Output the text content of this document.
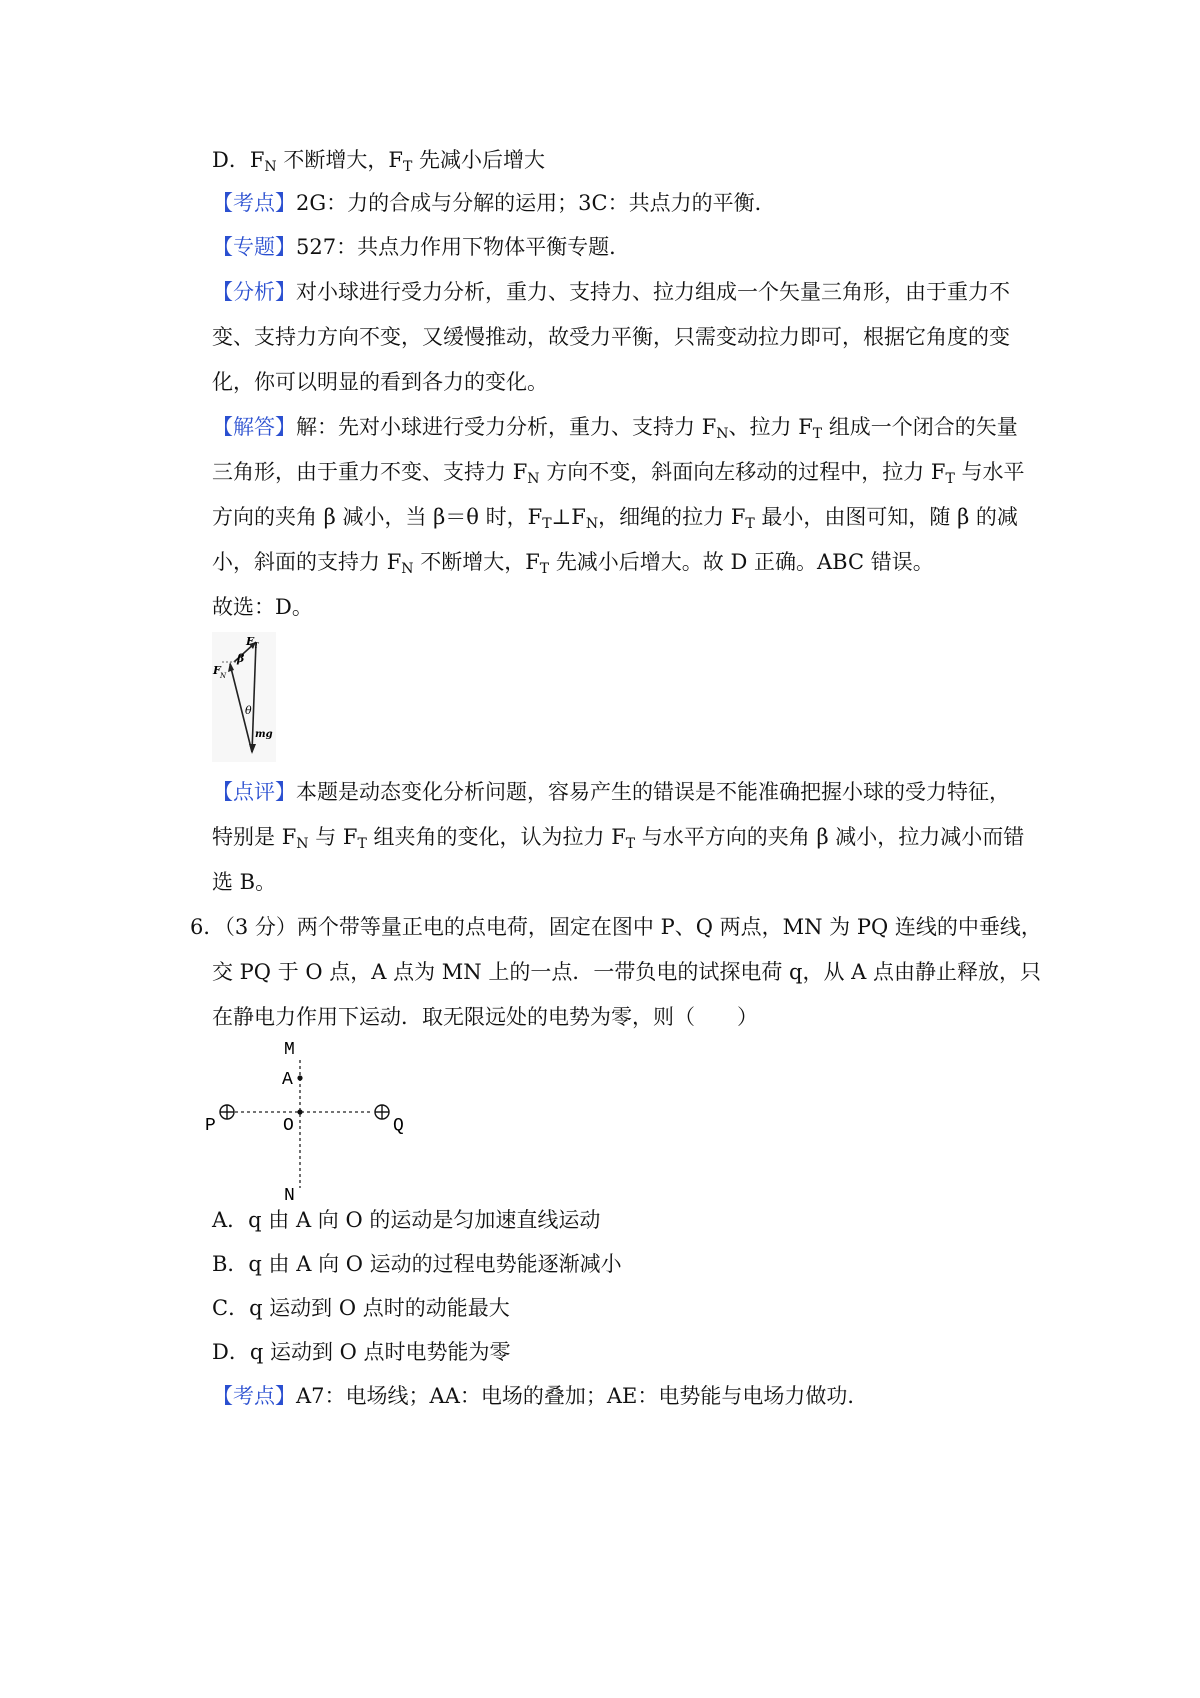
D．$F_N$ 不断增大，$F_T$ 先减小后增大
【考点】2G：力的合成与分解的运用；3C：共点力的平衡．
【专题】527：共点力作用下物体平衡专题．
【分析】对小球进行受力分析，重力、支持力、拉力组成一个矢量三角形，由于重力不
变、支持力方向不变，又缓慢推动，故受力平衡，只需变动拉力即可，根据它角度的变
化，你可以明显的看到各力的变化。
【解答】解：先对小球进行受力分析，重力、支持力 $F_N$、拉力 $F_T$ 组成一个闭合的矢量
三角形，由于重力不变、支持力 $F_N$ 方向不变，斜面向左移动的过程中，拉力 $F_T$ 与水平
方向的夹角 β 减小，当 β＝θ 时，$F_T\perp F_N$，细绳的拉力 $F_T$ 最小，由图可知，随 β 的减
小，斜面的支持力 $F_N$ 不断增大，$F_T$ 先减小后增大。故 D 正确。ABC 错误。
故选：D。
F T
β
F N
θ
mg
【点评】本题是动态变化分析问题，容易产生的错误是不能准确把握小球的受力特征，
特别是 $F_N$ 与 $F_T$ 组夹角的变化，认为拉力 $F_T$ 与水平方向的夹角 β 减小，拉力减小而错
选 B。
6．（3 分）两个带等量正电的点电荷，固定在图中 P、Q 两点，MN 为 PQ 连线的中垂线，
交 PQ 于 O 点，A 点为 MN 上的一点．一带负电的试探电荷 q，从 A 点由静止释放，只
在静电力作用下运动．取无限远处的电势为零，则（　　）
M
A
P	O	Q
N
A．q 由 A 向 O 的运动是匀加速直线运动
B．q 由 A 向 O 运动的过程电势能逐渐减小
C．q 运动到 O 点时的动能最大
D．q 运动到 O 点时电势能为零
【考点】A7：电场线；AA：电场的叠加；AE：电势能与电场力做功．
